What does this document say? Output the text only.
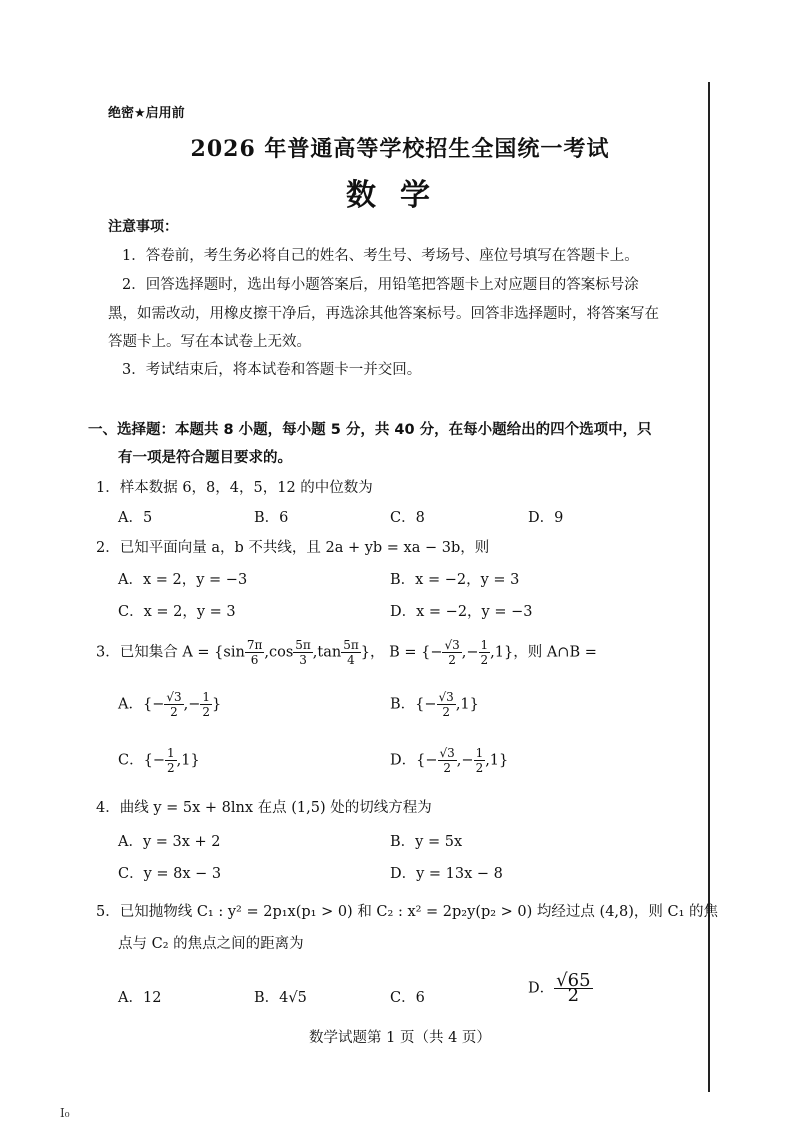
绝密★启用前
2026 年普通高等学校招生全国统一考试
数学
注意事项：
1．答卷前，考生务必将自己的姓名、考生号、考场号、座位号填写在答题卡上。
2．回答选择题时，选出每小题答案后，用铅笔把答题卡上对应题目的答案标号涂
黑，如需改动，用橡皮擦干净后，再选涂其他答案标号。回答非选择题时，将答案写在
答题卡上。写在本试卷上无效。
3．考试结束后，将本试卷和答题卡一并交回。
一、选择题：本题共 8 小题，每小题 5 分，共 40 分，在每小题给出的四个选项中，只
有一项是符合题目要求的。
1．样本数据 6，8，4，5，12 的中位数为
A．5	B．6	C．8	D．9
2．已知平面向量 a，b 不共线，且 2a + yb = xa − 3b，则
A．x = 2，y = −3	B．x = −2，y = 3
C．x = 2，y = 3	D．x = −2，y = −3
3．已知集合 $A = \{\sin \frac{7\pi}{6} ,\cos \frac{5\pi}{3} ,\tan \frac{5\pi}{4}$ }， B = {− $\frac{√3}{2}$ ,− $\frac{1}{2} ,1$}，则 A∩B =
A．{− $\frac{√3}{2}$ ,− $\frac{1}{2}$ }	B．{− $\frac{√3}{2} ,1$}
C．{− $\frac{1}{2} ,1$}	D．{− $\frac{√3}{2}$ ,− $\frac{1}{2} ,1$}
4．曲线 y = 5x + 8lnx 在点 (1,5) 处的切线方程为
A．y = 3x + 2	B．y = 5x
C．y = 8x − 3	D．y = 13x − 8
5．已知抛物线 C₁ : y² = 2p₁x(p₁ > 0) 和 C₂ : x² = 2p₂y(p₂ > 0) 均经过点 (4,8)，则 C₁ 的焦
点与 C₂ 的焦点之间的距离为
A．12	B．4√5	C．6
D． $\frac{√65}{2}$
数学试题第 1 页（共 4 页）
I₀
